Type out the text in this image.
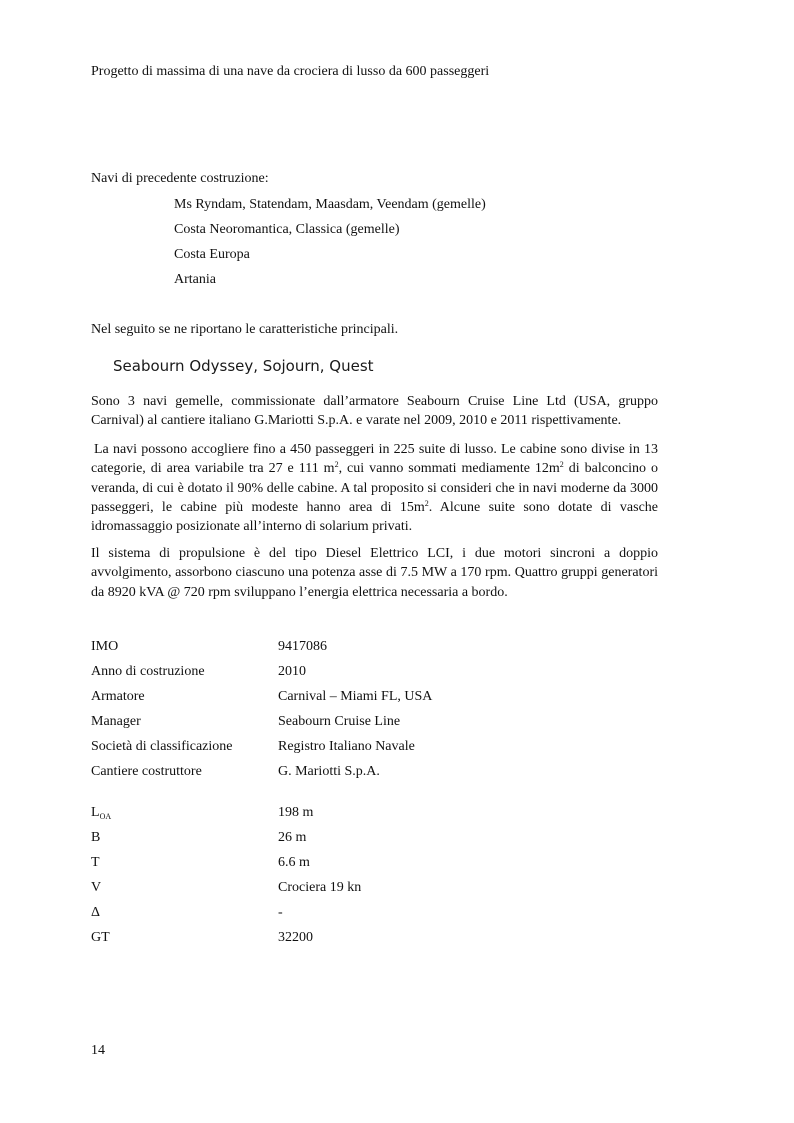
Progetto di massima di una nave da crociera di lusso da 600 passeggeri

Navi di precedente costruzione:

Ms Ryndam, Statendam, Maasdam, Veendam (gemelle)
Costa Neoromantica, Classica (gemelle)
Costa Europa
Artania

Nel seguito se ne riportano le caratteristiche principali.

Seabourn Odyssey, Sojourn, Quest

Sono 3 navi gemelle, commissionate dall’armatore Seabourn Cruise Line Ltd (USA, gruppo Carnival) al cantiere italiano G.Mariotti S.p.A. e varate nel 2009, 2010 e 2011 rispettivamente.

La navi possono accogliere fino a 450 passeggeri in 225 suite di lusso. Le cabine sono divise in 13 categorie, di area variabile tra 27 e 111 $m^2$, cui vanno sommati mediamente $12m^2$ di balconcino o veranda, di cui è dotato il 90% delle cabine. A tal proposito si consideri che in navi moderne da 3000 passeggeri, le cabine più modeste hanno area di $15m^2$. Alcune suite sono dotate di vasche idromassaggio posizionate all’interno di solarium privati.

Il sistema di propulsione è del tipo Diesel Elettrico LCI, i due motori sincroni a doppio avvolgimento, assorbono ciascuno una potenza asse di 7.5 MW a 170 rpm. Quattro gruppi generatori da 8920 kVA @ 720 rpm sviluppano l’energia elettrica necessaria a bordo.

IMO	9417086
Anno di costruzione	2010
Armatore	Carnival – Miami FL, USA
Manager	Seabourn Cruise Line
Società di classificazione	Registro Italiano Navale
Cantiere costruttore	G. Mariotti S.p.A.
$L_{OA}$	198 m
B	26 m
T	6.6 m
V	Crociera 19 kn
Δ	-
GT	32200

14
